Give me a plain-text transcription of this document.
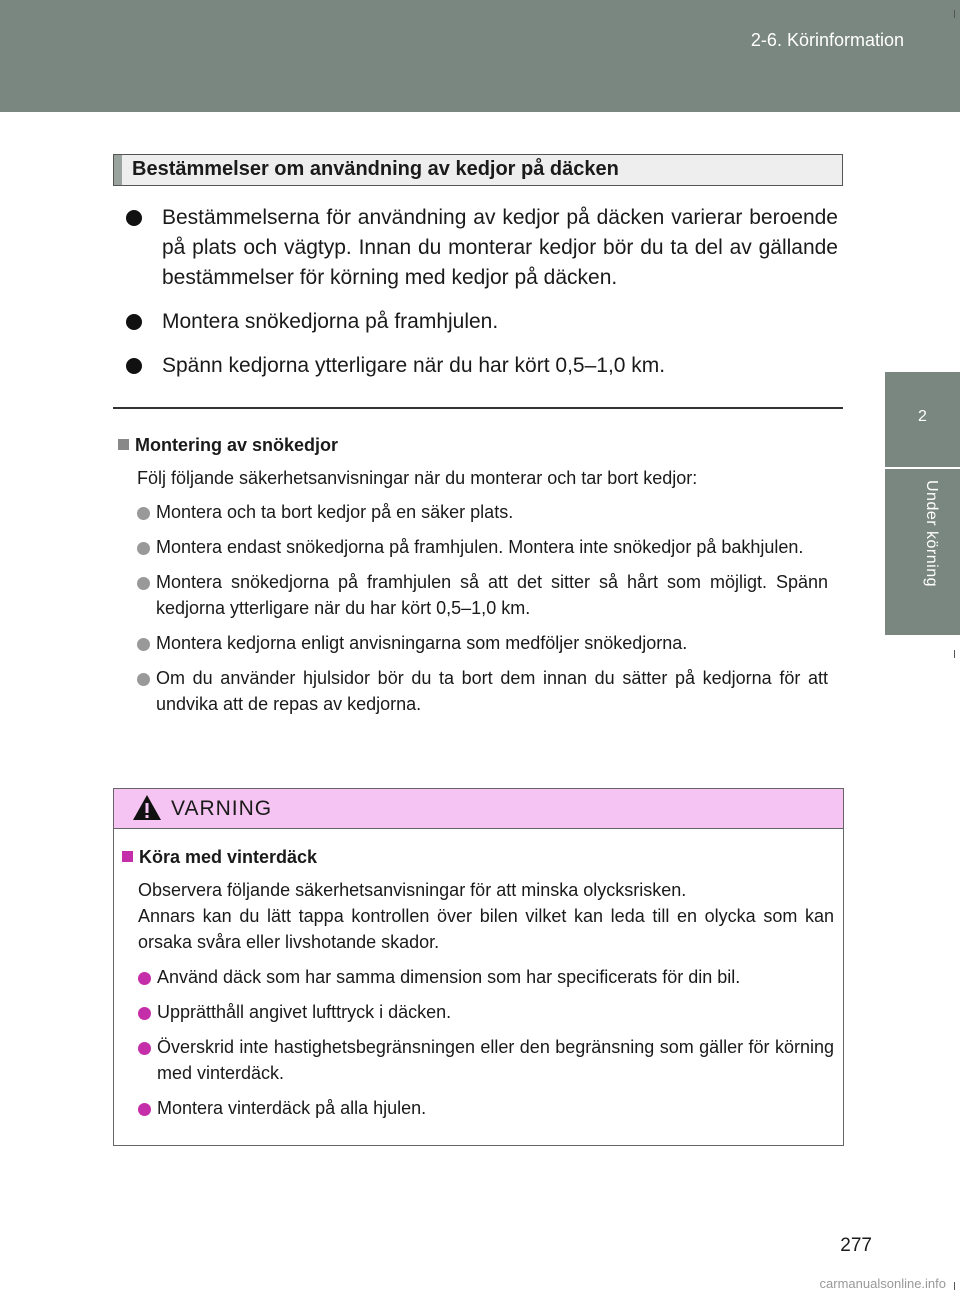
2-6. Körinformation
2
Under körning
Bestämmelser om användning av kedjor på däcken
Bestämmelserna för användning av kedjor på däcken varierar beroende på plats och vägtyp. Innan du monterar kedjor bör du ta del av gällande bestämmelser för körning med kedjor på däcken.
Montera snökedjorna på framhjulen.
Spänn kedjorna ytterligare när du har kört 0,5–1,0 km.
Montering av snökedjor
Följ följande säkerhetsanvisningar när du monterar och tar bort kedjor:
Montera och ta bort kedjor på en säker plats.
Montera endast snökedjorna på framhjulen. Montera inte snökedjor på bakhjulen.
Montera snökedjorna på framhjulen så att det sitter så hårt som möjligt. Spänn kedjorna ytterligare när du har kört 0,5–1,0 km.
Montera kedjorna enligt anvisningarna som medföljer snökedjorna.
Om du använder hjulsidor bör du ta bort dem innan du sätter på kedjorna för att undvika att de repas av kedjorna.
VARNING
Köra med vinterdäck
Observera följande säkerhetsanvisningar för att minska olycksrisken.
Annars kan du lätt tappa kontrollen över bilen vilket kan leda till en olycka som kan orsaka svåra eller livshotande skador.
Använd däck som har samma dimension som har specificerats för din bil.
Upprätthåll angivet lufttryck i däcken.
Överskrid inte hastighetsbegränsningen eller den begränsning som gäller för körning med vinterdäck.
Montera vinterdäck på alla hjulen.
277
carmanualsonline.info
